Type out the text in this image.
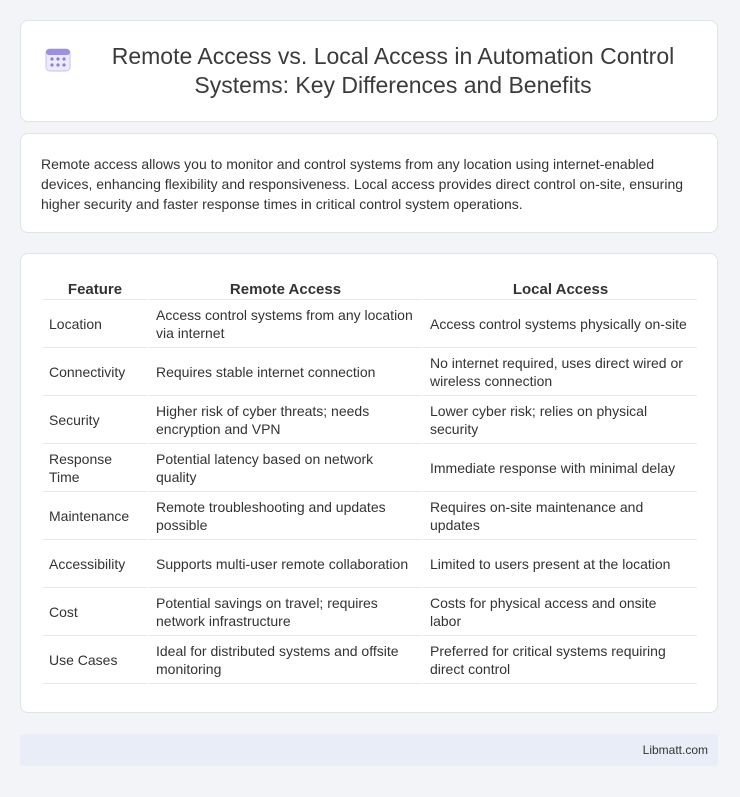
Remote Access vs. Local Access in Automation Control Systems: Key Differences and Benefits

Remote access allows you to monitor and control systems from any location using internet-enabled devices, enhancing flexibility and responsiveness. Local access provides direct control on-site, ensuring higher security and faster response times in critical control system operations.

Feature	Remote Access	Local Access
Location	Access control systems from any location via internet	Access control systems physically on-site
Connectivity	Requires stable internet connection	No internet required, uses direct wired or wireless connection
Security	Higher risk of cyber threats; needs encryption and VPN	Lower cyber risk; relies on physical security
Response Time	Potential latency based on network quality	Immediate response with minimal delay
Maintenance	Remote troubleshooting and updates possible	Requires on-site maintenance and updates
Accessibility	Supports multi-user remote collaboration	Limited to users present at the location
Cost	Potential savings on travel; requires network infrastructure	Costs for physical access and onsite labor
Use Cases	Ideal for distributed systems and offsite monitoring	Preferred for critical systems requiring direct control
Libmatt.com
